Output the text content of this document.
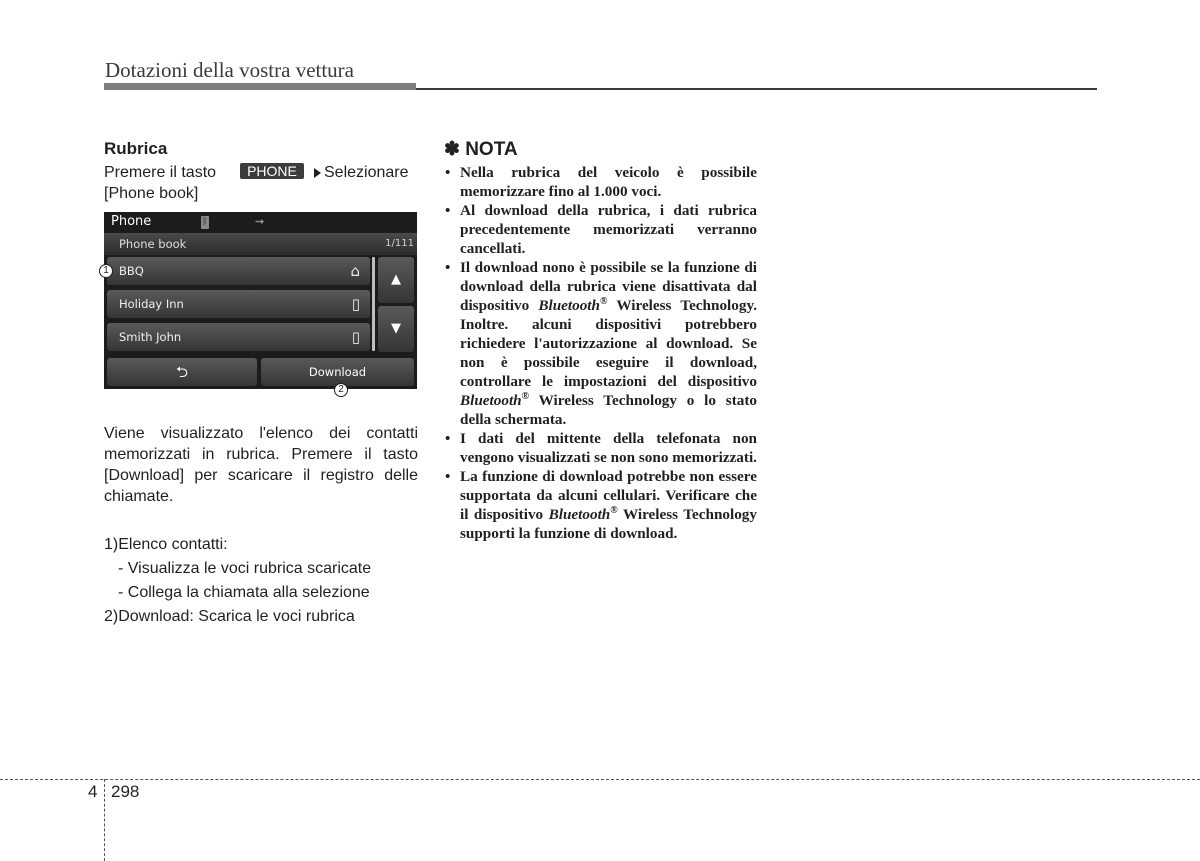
Dotazioni della vostra vettura
Rubrica
Premere il tasto	PHONE	Selezionare
[Phone book]
Viene visualizzato l'elenco dei contatti memorizzati in rubrica. Premere il tasto [Download] per scaricare il registro delle chiamate.
1)Elenco contatti:
- Visualizza le voci rubrica scaricate
- Collega la chiamata alla selezione
2)Download: Scarica le voci rubrica
Phone	ᛒ	⇝
Phone book	1/111
BBQ	⌂
Holiday Inn	▯
Smith John	▯
▲
▼
⮌	Download
1
2
✽ NOTA
• Nella rubrica del veicolo è possibile memorizzare fino al 1.000 voci.
• Al download della rubrica, i dati rubrica precedentemente memorizzati verranno cancellati.
• Il download nono è possibile se la funzione di download della rubrica viene disattivata dal dispositivo Bluetooth® Wireless Technology. Inoltre. alcuni dispositivi potrebbero richiedere l'autorizzazione al download. Se non è possibile eseguire il download, controllare le impostazioni del dispositivo Bluetooth® Wireless Technology o lo stato della schermata.
• I dati del mittente della telefonata non vengono visualizzati se non sono memorizzati.
• La funzione di download potrebbe non essere supportata da alcuni cellulari. Verificare che il dispositivo Bluetooth® Wireless Technology supporti la funzione di download.
4 298
